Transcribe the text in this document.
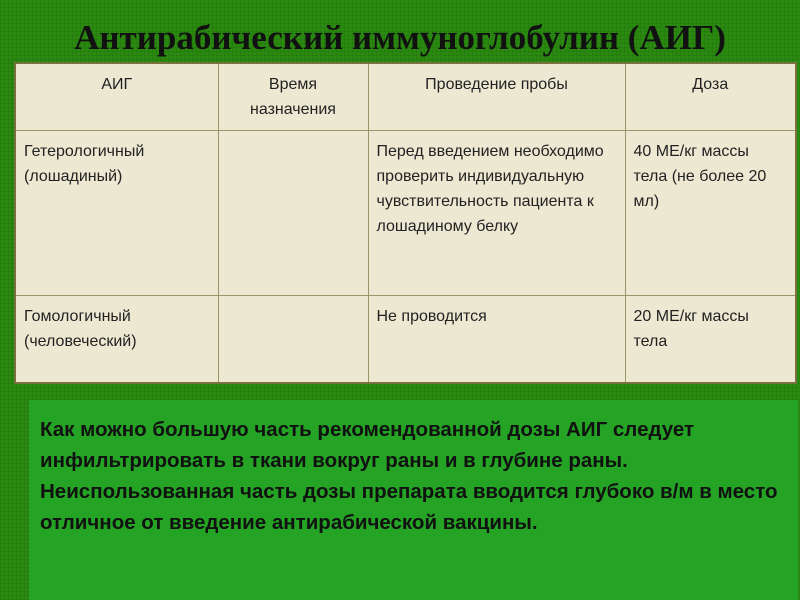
Антирабический иммуноглобулин (АИГ)
АИГ	Время назначения	Проведение пробы	Доза
Гетерологичный (лошадиный)		Перед введением необходимо проверить индивидуальную чувствительность пациента к лошадиному белку	40 МЕ/кг массы тела (не более 20 мл)
Гомологичный (человеческий)		Не проводится	20 МЕ/кг массы тела

Как можно большую часть рекомендованной дозы АИГ следует инфильтрировать в ткани вокруг раны и в глубине раны. Неиспользованная часть дозы препарата вводится глубоко в/м в место отличное от введение антирабической вакцины.
